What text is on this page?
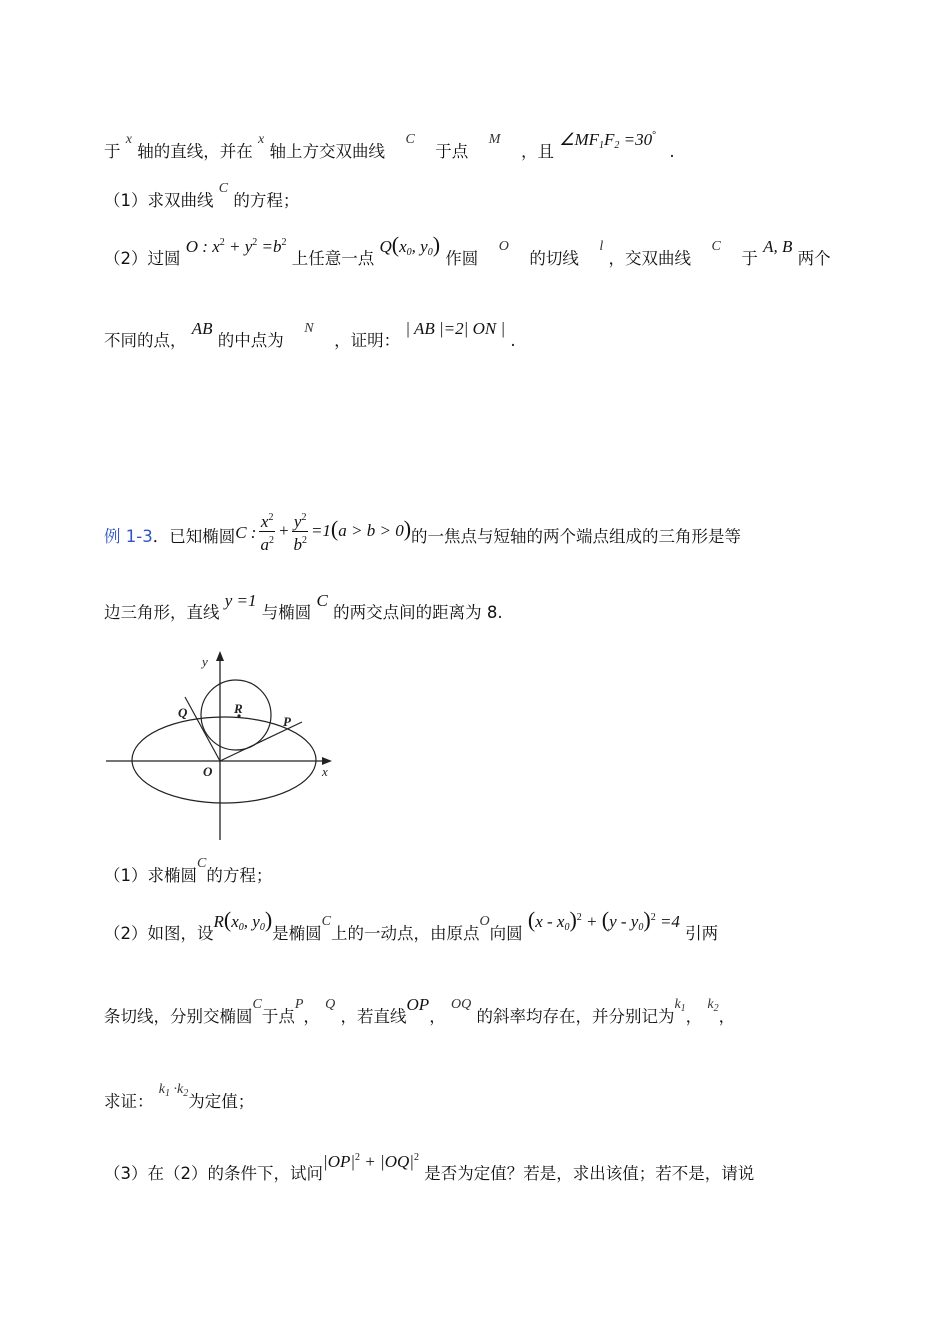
于 x 轴的直线，并在 x 轴上方交双曲线  C  于点  M  ，且 $\angle MF_1F_2 =30^\circ$ .
（1）求双曲线 C 的方程；
（2）过圆 O : $x^2 + y^2 =b^2$ 上任意一点 $Q(x_0$, $y_0$) 作圆  O  的切线  l ，交双曲线  C  于 A, B 两个
不同的点， AB 的中点为  N  ，证明： | AB |=2| ON | .
例 1-3．已知椭圆C : $\frac{x^2}{a^2} + \frac{y^2}{b^2} =1(a > b > 0)$的一焦点与短轴的两个端点组成的三角形是等
边三角形，直线 y =1 与椭圆 C 的两交点间的距离为 8.
y
x
O
R
Q
P
（1）求椭圆C的方程；
（2）如图，设$R(x_0$, $y_0$)是椭圆C上的一动点，由原点O向圆 $(x - x_0)^2 + (y - y_0)^2 =4$ 引两
条切线，分别交椭圆C于点P， Q ，若直线OP， OQ 的斜率均存在，并分别记为$k_1$， $k_2$，
求证： $k_1 \cdot k_2$为定值；
（3）在（2）的条件下，试问$|OP|^2 + |OQ|^2$ 是否为定值？若是，求出该值；若不是，请说
